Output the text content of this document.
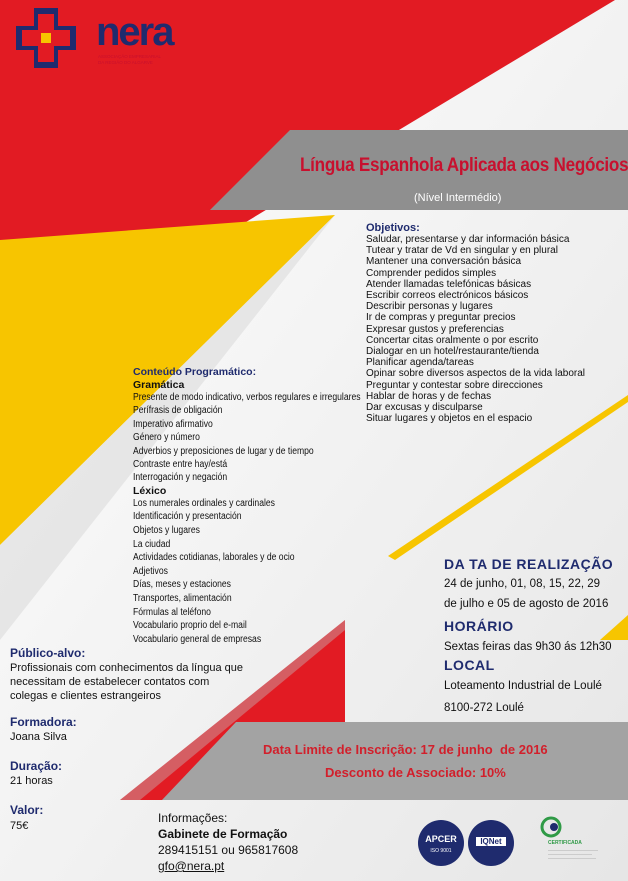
nera
ASSOCIAÇÃO EMPRESARIAL
DA REGIÃO DO ALGARVE
Língua Espanhola Aplicada aos Negócios
(Nível Intermédio)
Objetivos:
Saludar, presentarse y dar información básica
Tutear y tratar de Vd en singular y en plural
Mantener una conversación básica
Comprender pedidos simples
Atender llamadas telefónicas básicas
Escribir correos electrónicos básicos
Describir personas y lugares
Ir de compras y preguntar precios
Expresar gustos y preferencias
Concertar citas oralmente o por escrito
Dialogar en un hotel/restaurante/tienda
Planificar agenda/tareas
Opinar sobre diversos aspectos de la vida laboral
Preguntar y contestar sobre direcciones
Hablar de horas y de fechas
Dar excusas y disculparse
Situar lugares y objetos en el espacio
Conteúdo Programático:
Gramática
Presente de modo indicativo, verbos regulares e irregulares
Perífrasis de obligación
Imperativo afirmativo
Género y número
Adverbios y preposiciones de lugar y de tiempo
Contraste entre hay/está
Interrogación y negación
Léxico
Los numerales ordinales y cardinales
Identificación y presentación
Objetos y lugares
La ciudad
Actividades cotidianas, laborales y de ocio
Adjetivos
Días, meses y estaciones
Transportes, alimentación
Fórmulas al teléfono
Vocabulario proprio del e-mail
Vocabulario general de empresas
DA TA DE REALIZAÇÃO
24 de junho, 01, 08, 15, 22, 29
de julho e 05 de agosto de 2016
HORÁRIO
Sextas feiras das 9h30 ás 12h30
LOCAL
Loteamento Industrial de Loulé
8100-272 Loulé
Público-alvo:
Profissionais com conhecimentos da língua que
necessitam de estabelecer contatos com
colegas e clientes estrangeiros
Formadora:
Joana Silva
Duração:
21 horas
Valor:
75€
Data Limite de Inscrição: 17 de junho  de 2016
Desconto de Associado: 10%
Informações:
Gabinete de Formação
289415151 ou 965817608
gfo@nera.pt
APCER
ISO 9001
IQNet	CERTIFICADA
